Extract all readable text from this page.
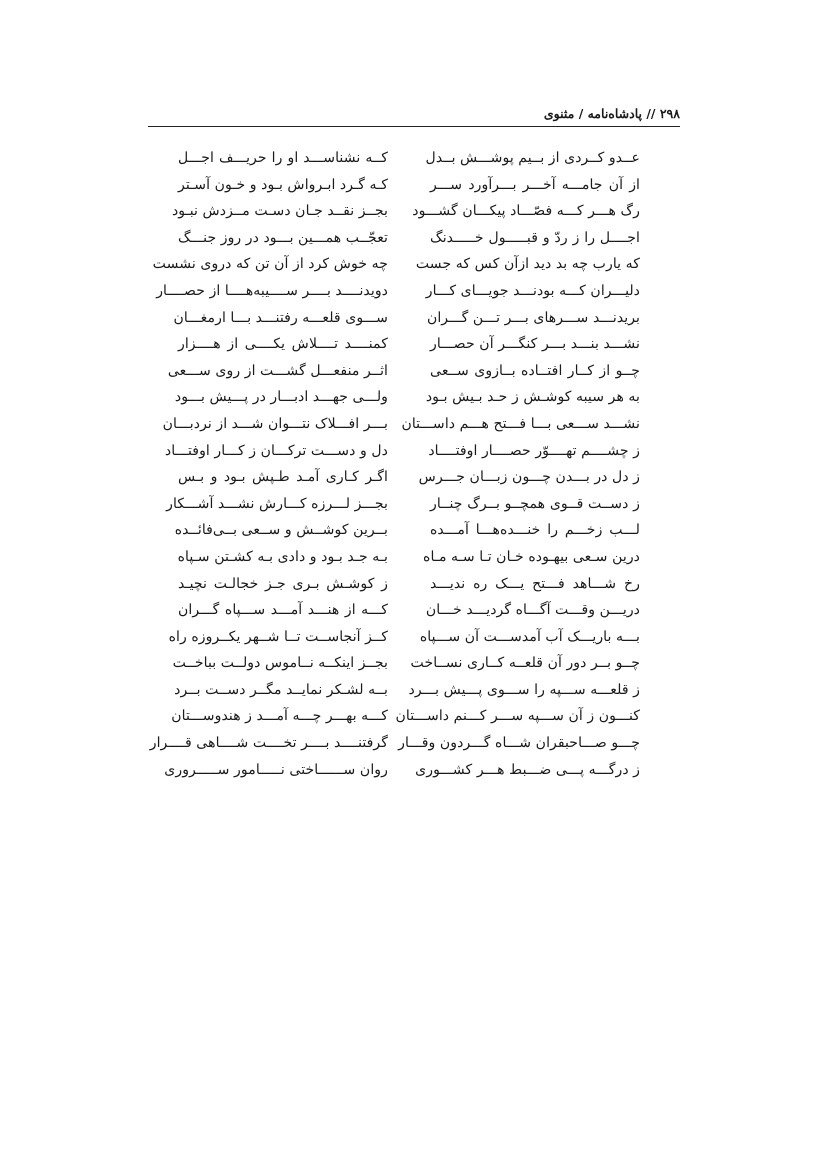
۲۹۸ // پادشاه‌نامه / مثنوی
عــدو کــردی از بــیم پوشـــش بــدل
کــه نشناســـد او را حریـــف اجـــل
از آن جامـــه آخـــر بـــرآورد ســـر
کـه گـرد ابـرواش بـود و خـون آسـتر
رگ هـــر کـــه فصّـــاد پیکـــان گشـــود
بجــز نقــد جـان دسـت مــزدش نبـود
اجــــل را ز ردّ و قبـــــول خـــــدنگ
تعجّــب همـــین بـــود در روز جنـــگ
که یارب چه بد دید ازآن کس که جست
چه خوش کرد از آن تن که دروی نشست
دلیـــران کـــه بودنـــد جویـــای کـــار
دویدنــــد بــــر ســــیبه‌هــــا از حصــــار
بریدنـــد ســـرهای بـــر تـــن گـــران
ســـوی قلعـــه رفتنـــد بـــا ارمغـــان
نشـــد بنـــد بـــر کنگـــر آن حصـــار
کمنــــد تــــلاش یکــــی از هــــزار
چــو از کــار افتــاده بــازوی ســعی
اثــر منفعـــل گشـــت از روی ســـعی
به هر سیبه کوشـش ز حـد بـیش بـود
ولـــی جهـــد ادبـــار در پـــیش بـــود
نشـــد ســـعی بـــا فـــتح هـــم داســـتان
بـــر افـــلاک نتـــوان شـــد از نردبـــان
ز چشــــم تهــــوّر حصــــار اوفتــــاد
دل و دســـت ترکـــان ز کـــار اوفتـــاد
ز دل در بـــدن چـــون زبـــان جـــرس
اگـر کـاری آمـد طـپش بـود و بـس
ز دســت قــوی همچــو بــرگ چنــار
بجـــز لـــرزه کـــارش نشـــد آشـــکار
لـــب زخـــم را خنـــده‌هـــا آمـــده
بــرین کوشــش و ســعی بــی‌فائــده
درین سـعی بیهـوده خـان تـا سـه مـاه
بـه جـد بـود و دادی بـه کشـتن سـپاه
رخ شـــاهد فـــتح یـــک ره ندیـــد
ز کوشـش بـری جـز خجالـت نچیـد
دریـــن وقـــت آگـــاه گردیـــد خـــان
کـــه از هنـــد آمـــد ســـپاه گـــران
بـــه باریـــک آب آمدســـت آن ســـپاه
کــز آنجاســت تــا شــهر یکــروزه راه
چــو بــر دور آن قلعــه کــاری نســاخت
بجــز اینکــه نــاموس دولــت بباخــت
ز قلعـــه ســـپه را ســـوی پـــیش بـــرد
بــه لشـکر نمایــد مگــر دســت بــرد
کنـــون ز آن ســـپه ســـر کـــنم داســـتان
کـــه بهـــر چـــه آمـــد ز هندوســـتان
چـــو صـــاحبقران شـــاه گـــردون وقـــار
گرفتنــــد بــــر تخــــت شــــاهی قــــرار
ز درگـــه پـــی ضـــبط هـــر کشـــوری
روان ســــــاختی نـــــامور ســـــروری
